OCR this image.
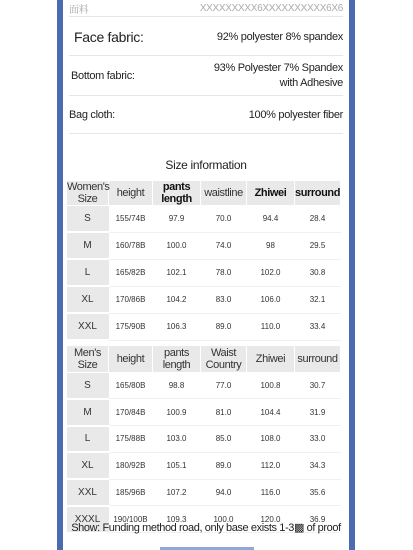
面料	XXXXXXXXX6XXXXXXXXXX6X6
Face fabric:	92% polyester 8% spandex
Bottom fabric:
93% Polyester 7% Spandex with Adhesive
Bag cloth:	100% polyester fiber
Size information
Women's Size	height	pants length	waistline	Zhiwei	surround
S	155/74B	97.9	70.0	94.4	28.4
M	160/78B	100.0	74.0	98	29.5
L	165/82B	102.1	78.0	102.0	30.8
XL	170/86B	104.2	83.0	106.0	32.1
XXL	175/90B	106.3	89.0	110.0	33.4
Men's Size	height	pants length	Waist Country	Zhiwei	surround
S	165/80B	98.8	77.0	100.8	30.7
M	170/84B	100.9	81.0	104.4	31.9
L	175/88B	103.0	85.0	108.0	33.0
XL	180/92B	105.1	89.0	112.0	34.3
XXL	185/96B	107.2	94.0	116.0	35.6
XXXL	190/100B	109.3	100.0	120.0	36.9
Show: Funding method road, only base exists 1-3▩ of proof
